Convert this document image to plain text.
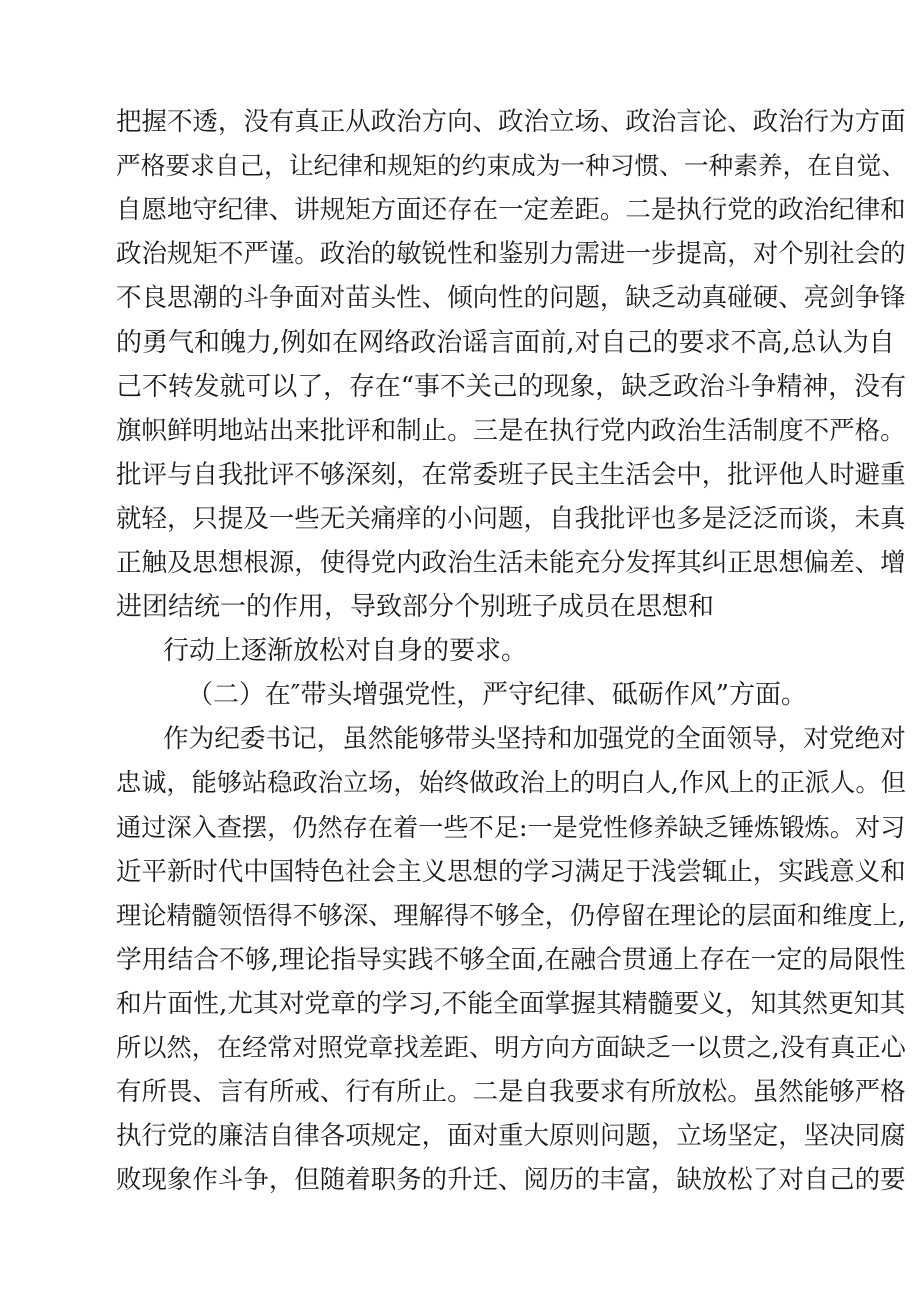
把握不透，没有真正从政治方向、政治立场、政治言论、政治行为方面
严格要求自己，让纪律和规矩的约束成为一种习惯、一种素养，在自觉、
自愿地守纪律、讲规矩方面还存在一定差距。二是执行党的政治纪律和
政治规矩不严谨。政治的敏锐性和鉴别力需进一步提高，对个别社会的
不良思潮的斗争面对苗头性、倾向性的问题，缺乏动真碰硬、亮剑争锋
的勇气和魄力,例如在网络政治谣言面前,对自己的要求不高,总认为自
己不转发就可以了，存在“事不关己的现象，缺乏政治斗争精神，没有
旗帜鲜明地站出来批评和制止。三是在执行党内政治生活制度不严格。
批评与自我批评不够深刻，在常委班子民主生活会中，批评他人时避重
就轻，只提及一些无关痛痒的小问题，自我批评也多是泛泛而谈，未真
正触及思想根源，使得党内政治生活未能充分发挥其纠正思想偏差、增
进团结统一的作用，导致部分个别班子成员在思想和
行动上逐渐放松对自身的要求。
（二）在″带头增强党性，严守纪律、砥砺作风”方面。
作为纪委书记，虽然能够带头坚持和加强党的全面领导，对党绝对
忠诚，能够站稳政治立场，始终做政治上的明白人,作风上的正派人。但
通过深入查摆，仍然存在着一些不足:一是党性修养缺乏锤炼锻炼。对习
近平新时代中国特色社会主义思想的学习满足于浅尝辄止，实践意义和
理论精髓领悟得不够深、理解得不够全，仍停留在理论的层面和维度上,
学用结合不够,理论指导实践不够全面,在融合贯通上存在一定的局限性
和片面性,尤其对党章的学习,不能全面掌握其精髓要义，知其然更知其
所以然，在经常对照党章找差距、明方向方面缺乏一以贯之,没有真正心
有所畏、言有所戒、行有所止。二是自我要求有所放松。虽然能够严格
执行党的廉洁自律各项规定，面对重大原则问题，立场坚定，坚决同腐
败现象作斗争，但随着职务的升迁、阅历的丰富，缺放松了对自己的要
